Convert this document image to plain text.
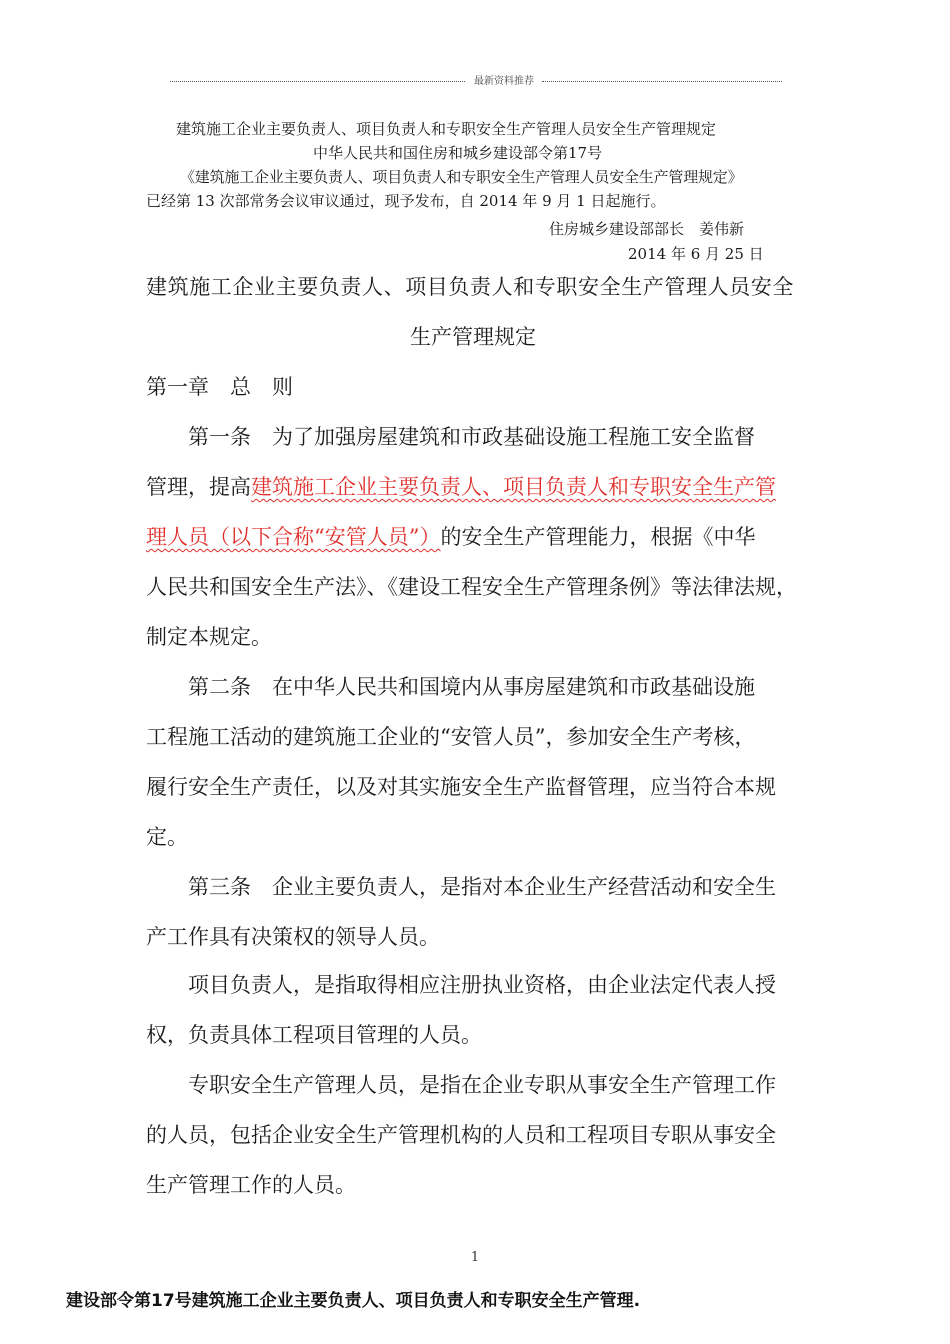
最新资料推荐
建筑施工企业主要负责人、项目负责人和专职安全生产管理人员安全生产管理规定
中华人民共和国住房和城乡建设部令第17号
《建筑施工企业主要负责人、项目负责人和专职安全生产管理人员安全生产管理规定》
已经第 13 次部常务会议审议通过，现予发布，自 2014 年 9 月 1 日起施行。
住房城乡建设部部长　姜伟新
2014 年 6 月 25 日
建筑施工企业主要负责人、项目负责人和专职安全生产管理人员安全
生产管理规定
第一章　总　则
　　第一条　为了加强房屋建筑和市政基础设施工程施工安全监督
管理，提高建筑施工企业主要负责人、项目负责人和专职安全生产管
理人员（以下合称“安管人员”）的安全生产管理能力，根据《中华
人民共和国安全生产法》、《建设工程安全生产管理条例》等法律法规，
制定本规定。
　　第二条　在中华人民共和国境内从事房屋建筑和市政基础设施
工程施工活动的建筑施工企业的“安管人员”，参加安全生产考核，
履行安全生产责任，以及对其实施安全生产监督管理，应当符合本规
定。
　　第三条　企业主要负责人，是指对本企业生产经营活动和安全生
产工作具有决策权的领导人员。
　　项目负责人，是指取得相应注册执业资格，由企业法定代表人授
权，负责具体工程项目管理的人员。
　　专职安全生产管理人员，是指在企业专职从事安全生产管理工作
的人员，包括企业安全生产管理机构的人员和工程项目专职从事安全
生产管理工作的人员。
1
建设部令第17号建筑施工企业主要负责人、项目负责人和专职安全生产管理.
